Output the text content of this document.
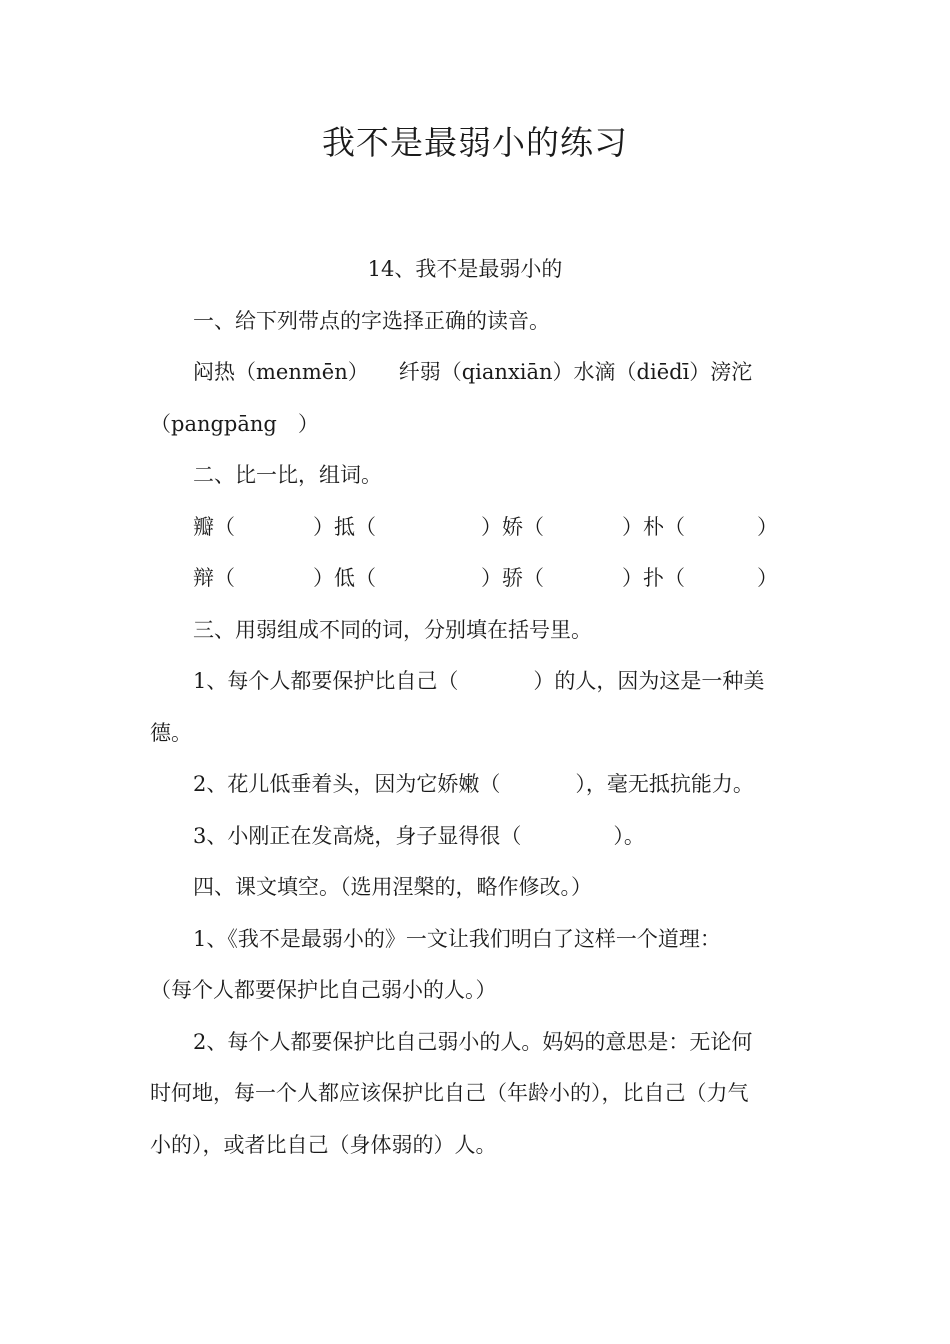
我不是最弱小的练习

14、我不是最弱小的

一、给下列带点的字选择正确的读音。

闷热（menmēn） 纤弱（qianxiān）水滴（diēdī）滂沱

（pangpāng　）

二、比一比，组词。

瓣（	）抵（	）娇（	）朴（	）

辩（	）低（	）骄（	）扑（	）

三、用弱组成不同的词，分别填在括号里。

1、每个人都要保护比自己（	）的人，因为这是一种美

德。

2、花儿低垂着头，因为它娇嫩（	），毫无抵抗能力。

3、小刚正在发高烧，身子显得很（	）。

四、课文填空。（选用涅槃的，略作修改。）

1、《我不是最弱小的》一文让我们明白了这样一个道理：

（每个人都要保护比自己弱小的人。）

2、每个人都要保护比自己弱小的人。妈妈的意思是：无论何

时何地，每一个人都应该保护比自己（年龄小的），比自己（力气

小的），或者比自己（身体弱的）人。
